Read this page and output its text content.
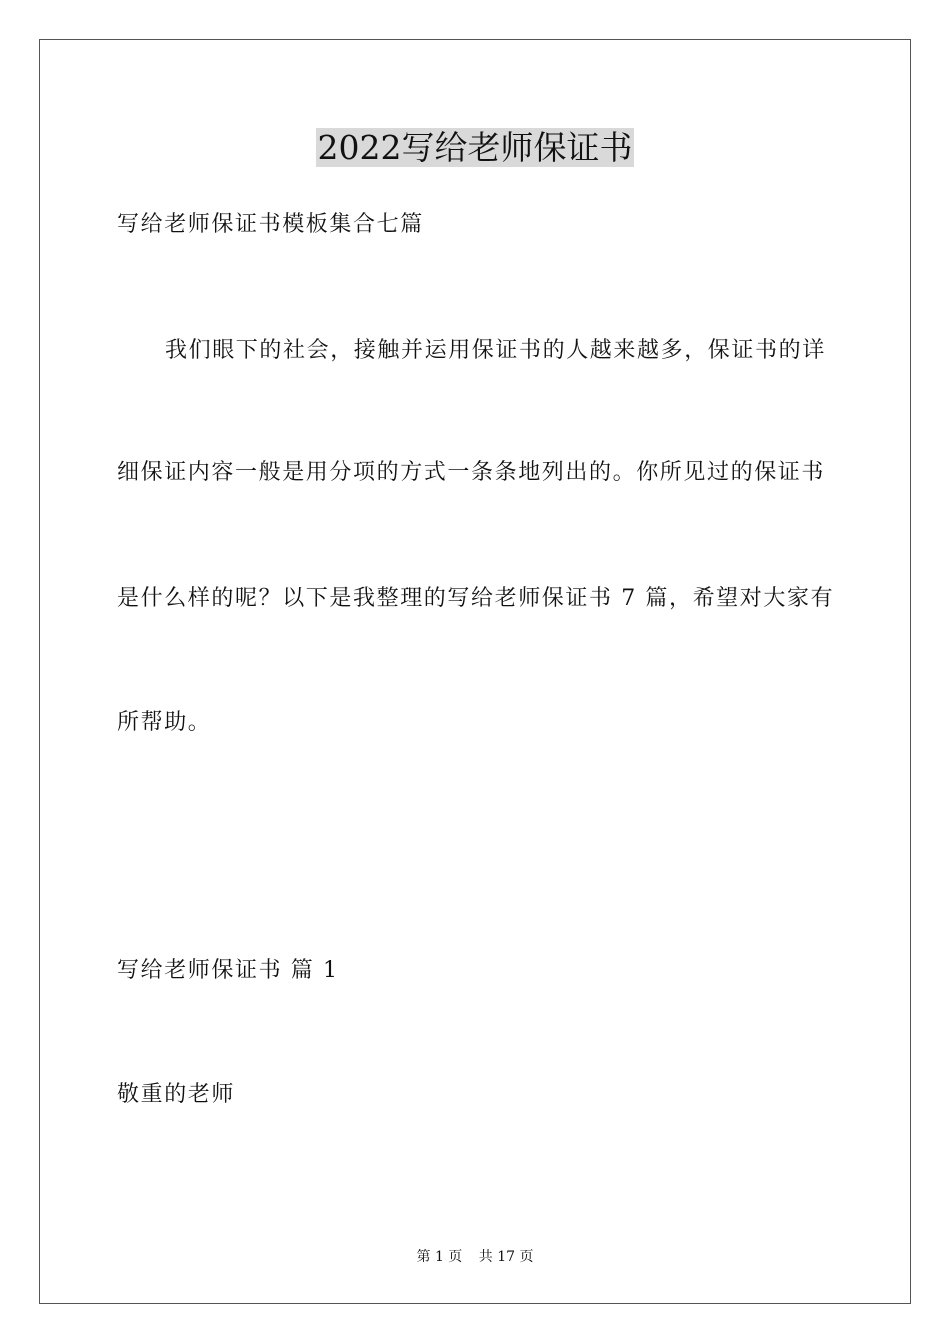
2022写给老师保证书

写给老师保证书模板集合七篇

我们眼下的社会，接触并运用保证书的人越来越多，保证书的详

细保证内容一般是用分项的方式一条条地列出的。你所见过的保证书

是什么样的呢？以下是我整理的写给老师保证书 7 篇，希望对大家有

所帮助。

写给老师保证书 篇 1

敬重的老师

第 1 页 共 17 页
